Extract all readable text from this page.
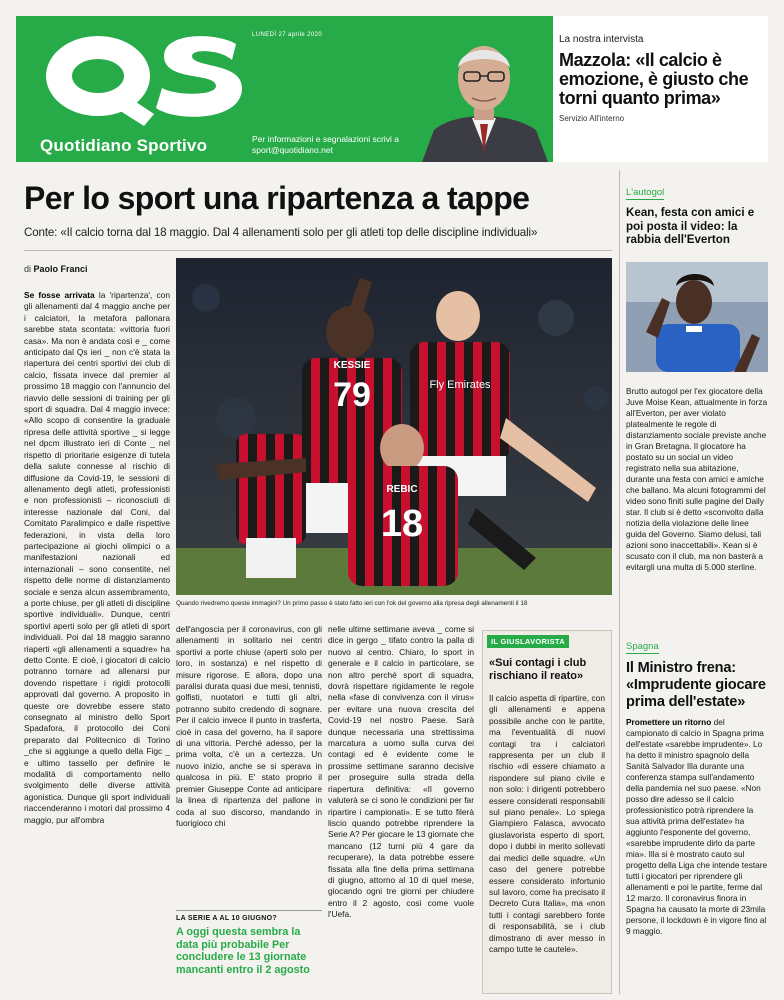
Quotidiano Sportivo
LUNEDÌ 27 aprile 2020
Per informazioni e segnalazioni scrivi a sport@quotidiano.net
La nostra intervista
Mazzola: «Il calcio è emozione, è giusto che torni quanto prima»
Servizio All'interno
Per lo sport una ripartenza a tappe
Conte: «Il calcio torna dal 18 maggio. Dal 4 allenamenti solo per gli atleti top delle discipline individuali»
di Paolo Franci
79
KESSIE
Fly Emirates
18
REBIC
Quando rivedremo queste immagini? Un primo passo è stato fatto ieri con l'ok del governo alla ripresa degli allenamenti il 18

Se fosse arrivata la 'ripartenza', con gli allenamenti dal 4 maggio anche per i calciatori, la metafora pallonara sarebbe stata scontata: «vittoria fuori casa». Ma non è andata così e _ come anticipato dal Qs ieri _ non c'è stata la riapertura dei centri sportivi dei club di calcio, fissata invece dal premier al prossimo 18 maggio con l'annuncio del riavvio delle sessioni di training per gli sport di squadra. Dal 4 maggio invece: «Allo scopo di consentire la graduale ripresa delle attività sportive _ si legge nel dpcm illustrato ieri di Conte _ nel rispetto di prioritarie esigenze di tutela della salute connesse al rischio di diffusione da Covid-19, le sessioni di allenamento degli atleti, professionisti e non professionisti – riconosciuti di interesse nazionale dal Coni, dal Comitato Paralimpico e dalle rispettive federazioni, in vista della loro partecipazione ai giochi olimpici o a manifestazioni nazionali ed internazionali – sono consentite, nel rispetto delle norme di distanziamento sociale e senza alcun assembramento, a porte chiuse, per gli atleti di discipline sportive individuali». Dunque, centri sportivi aperti solo per gli atleti di sport individuali. Poi dal 18 maggio saranno riaperti «gli allenamenti a squadre» ha detto Conte. E cioè, i giocatori di calcio potranno tornare ad allenarsi pur dovendo rispettare i rigidi protocolli approvati dal governo. A proposito in queste ore dovrebbe essere stato consegnato al ministro dello Sport Spadafora, il protocollo dei Coni preparato dal Politecnico di Torino _che si aggiunge a quello della Figc _ e ultimo tassello per definire le modalità di comportamento nello svolgimento delle diverse attività agonistica. Dunque gli sport individuali riaccenderanno i motori dal prossimo 4 maggio, pur all'ombra

dell'angoscia per il coronavirus, con gli allenamenti in solitario nei centri sportivi a porte chiuse (aperti solo per loro, in sostanza) e nel rispetto di misure rigorose. E allora, dopo una paralisi durata quasi due mesi, tennisti, golfisti, nuotatori e tutti gli altri, potranno subito credendo di sognare. Per il calcio invece il punto in trasferta, cioè in casa del governo, ha il sapore di una vittoria. Perché adesso, per la prima volta, c'è un a certezza. Un nuovo inizio, anche se si sperava in qualcosa in più. E' stato proprio il premier Giuseppe Conte ad anticipare la linea di ripartenza del pallone in coda al suo discorso, mandando in fuorigioco chi

nelle ultime settimane aveva _ come si dice in gergo _ tifato contro la palla di nuovo al centro. Chiaro, lo sport in generale e il calcio in particolare, se non altro perché sport di squadra, dovrà rispettare rigidamente le regole nella «fase di convivenza con il virus» per evitare una nuova crescita del Covid-19 nel nostro Paese. Sarà dunque necessaria una strettissima marcatura a uomo sulla curva dei contagi ed è evidente come le prossime settimane saranno decisive per proseguire sulla strada della riapertura definitiva: «Il governo valuterà se ci sono le condizioni per far ripartire i campionati». E se tutto filerà liscio quando potrebbe riprendere la Serie A? Per giocare le 13 giornate che mancano (12 turni più 4 gare da recuperare), la data potrebbe essere fissata alla fine della prima settimana di giugno, attorno al 10 di quel mese, giocando ogni tre giorni per chiudere entro il 2 agosto, così come vuole l'Uefa.

LA SERIE A AL 10 GIUGNO?
A oggi questa sembra la data più probabile Per concludere le 13 giornate mancanti entro il 2 agosto
IL GIUSLAVORISTA
«Sui contagi i club rischiano il reato»
Il calcio aspetta di ripartire, con gli allenamenti e appena possibile anche con le partite, ma l'eventualità di nuovi contagi tra i calciatori rappresenta per un club il rischio «di essere chiamato a rispondere sul piano civile e non solo: i dirigenti potrebbero essere considerati responsabili sul piano penale». Lo spiega Giampiero Falasca, avvocato giuslavorista esperto di sport, dopo i dubbi in merito sollevati dai medici delle squadre. «Un caso del genere potrebbe essere considerato infortunio sul lavoro, come ha precisato il Decreto Cura Italia», ma «non tutti i contagi sarebbero fonte di responsabilità, se i club dimostrano di aver messo in campo tutte le cautele».
L'autogol
Kean, festa con amici e poi posta il video: la rabbia dell'Everton
Brutto autogol per l'ex giocatore della Juve Moise Kean, attualmente in forza all'Everton, per aver violato platealmente le regole di distanziamento sociale previste anche in Gran Bretagna. Il giocatore ha postato su un social un video registrato nella sua abitazione, durante una festa con amici e amiche che ballano. Ma alcuni fotogrammi del video sono finiti sulle pagine del Daily star. Il club si è detto «sconvolto dalla notizia della violazione delle linee guida del Governo. Siamo delusi, tali azioni sono inaccettabili». Kean si è scusato con il club, ma non basterà a evitargli una multa di 5.000 sterline.
Spagna
Il Ministro frena: «Imprudente giocare prima dell'estate»
Promettere un ritorno del campionato di calcio in Spagna prima dell'estate «sarebbe imprudente». Lo ha detto il ministro spagnolo della Sanità Salvador Illa durante una conferenza stampa sull'andamento della pandemia nel suo paese. «Non posso dire adesso se il calcio professionistico potrà riprendere la sua attività prima dell'estate» ha aggiunto l'esponente del governo, «sarebbe imprudente dirlo da parte mia». Illa si è mostrato cauto sul progetto della Liga che intende testare tutti i giocatori per riprendere gli allenamenti e poi le partite, ferme dal 12 marzo. Il coronavirus finora in Spagna ha causato la morte di 23mila persone, il lockdown è in vigore fino al 9 maggio.
